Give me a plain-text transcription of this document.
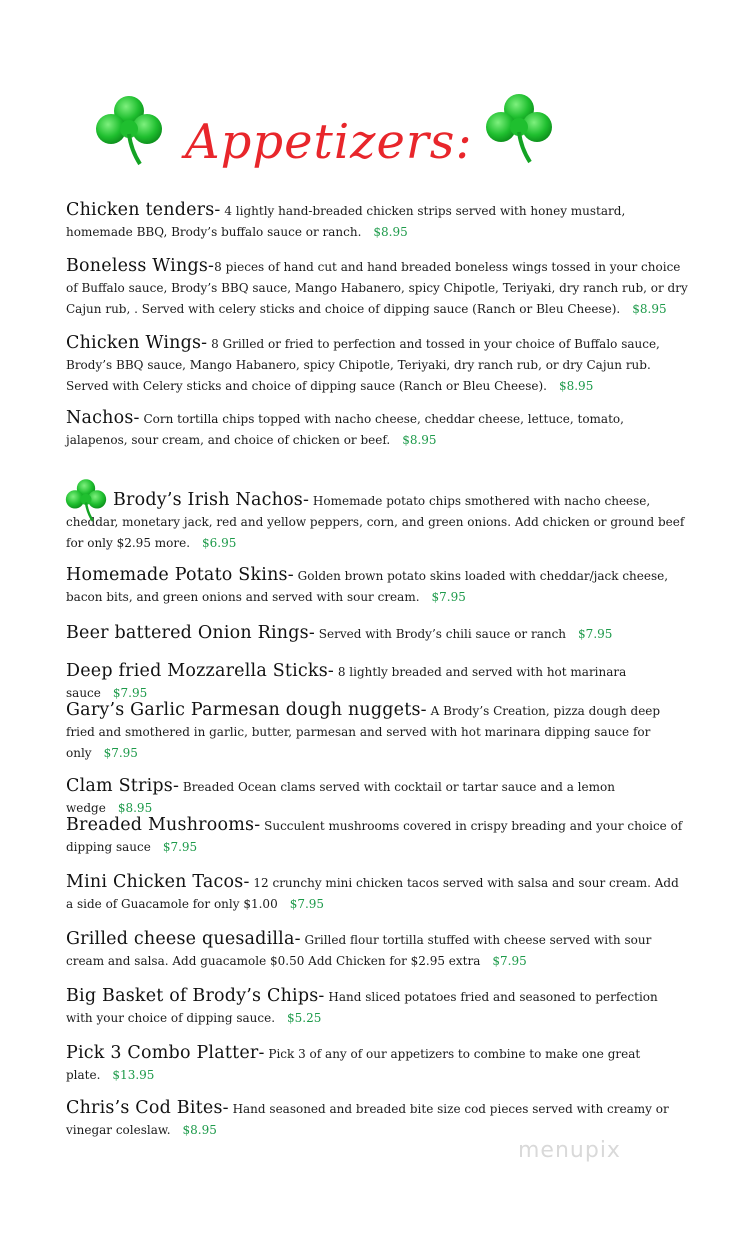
Appetizers:

Chicken tenders- 4 lightly hand-breaded chicken strips served with honey mustard, homemade BBQ, Brody’s buffalo sauce or ranch. $8.95

Boneless Wings-8 pieces of hand cut and hand breaded boneless wings tossed in your choice of Buffalo sauce, Brody’s BBQ sauce, Mango Habanero, spicy Chipotle, Teriyaki, dry ranch rub, or dry Cajun rub, . Served with celery sticks and choice of dipping sauce (Ranch or Bleu Cheese). $8.95

Chicken Wings- 8 Grilled or fried to perfection and tossed in your choice of Buffalo sauce, Brody’s BBQ sauce, Mango Habanero, spicy Chipotle, Teriyaki, dry ranch rub, or dry Cajun rub. Served with Celery sticks and choice of dipping sauce (Ranch or Bleu Cheese). $8.95

Nachos- Corn tortilla chips topped with nacho cheese, cheddar cheese, lettuce, tomato, jalapenos, sour cream, and choice of chicken or beef. $8.95

Brody’s Irish Nachos- Homemade potato chips smothered with nacho cheese, cheddar, monetary jack, red and yellow peppers, corn, and green onions. Add chicken or ground beef for only $2.95 more. $6.95

Homemade Potato Skins- Golden brown potato skins loaded with cheddar/jack cheese, bacon bits, and green onions and served with sour cream. $7.95

Beer battered Onion Rings- Served with Brody’s chili sauce or ranch $7.95

Deep fried Mozzarella Sticks- 8 lightly breaded and served with hot marinara sauce $7.95

Gary’s Garlic Parmesan dough nuggets- A Brody’s Creation, pizza dough deep fried and smothered in garlic, butter, parmesan and served with hot marinara dipping sauce for only $7.95

Clam Strips- Breaded Ocean clams served with cocktail or tartar sauce and a lemon wedge $8.95

Breaded Mushrooms- Succulent mushrooms covered in crispy breading and your choice of dipping sauce $7.95

Mini Chicken Tacos- 12 crunchy mini chicken tacos served with salsa and sour cream. Add a side of Guacamole for only $1.00 $7.95

Grilled cheese quesadilla- Grilled flour tortilla stuffed with cheese served with sour cream and salsa. Add guacamole $0.50 Add Chicken for $2.95 extra $7.95

Big Basket of Brody’s Chips- Hand sliced potatoes fried and seasoned to perfection with your choice of dipping sauce. $5.25

Pick 3 Combo Platter- Pick 3 of any of our appetizers to combine to make one great plate. $13.95

Chris’s Cod Bites- Hand seasoned and breaded bite size cod pieces served with creamy or vinegar coleslaw. $8.95

menupix
